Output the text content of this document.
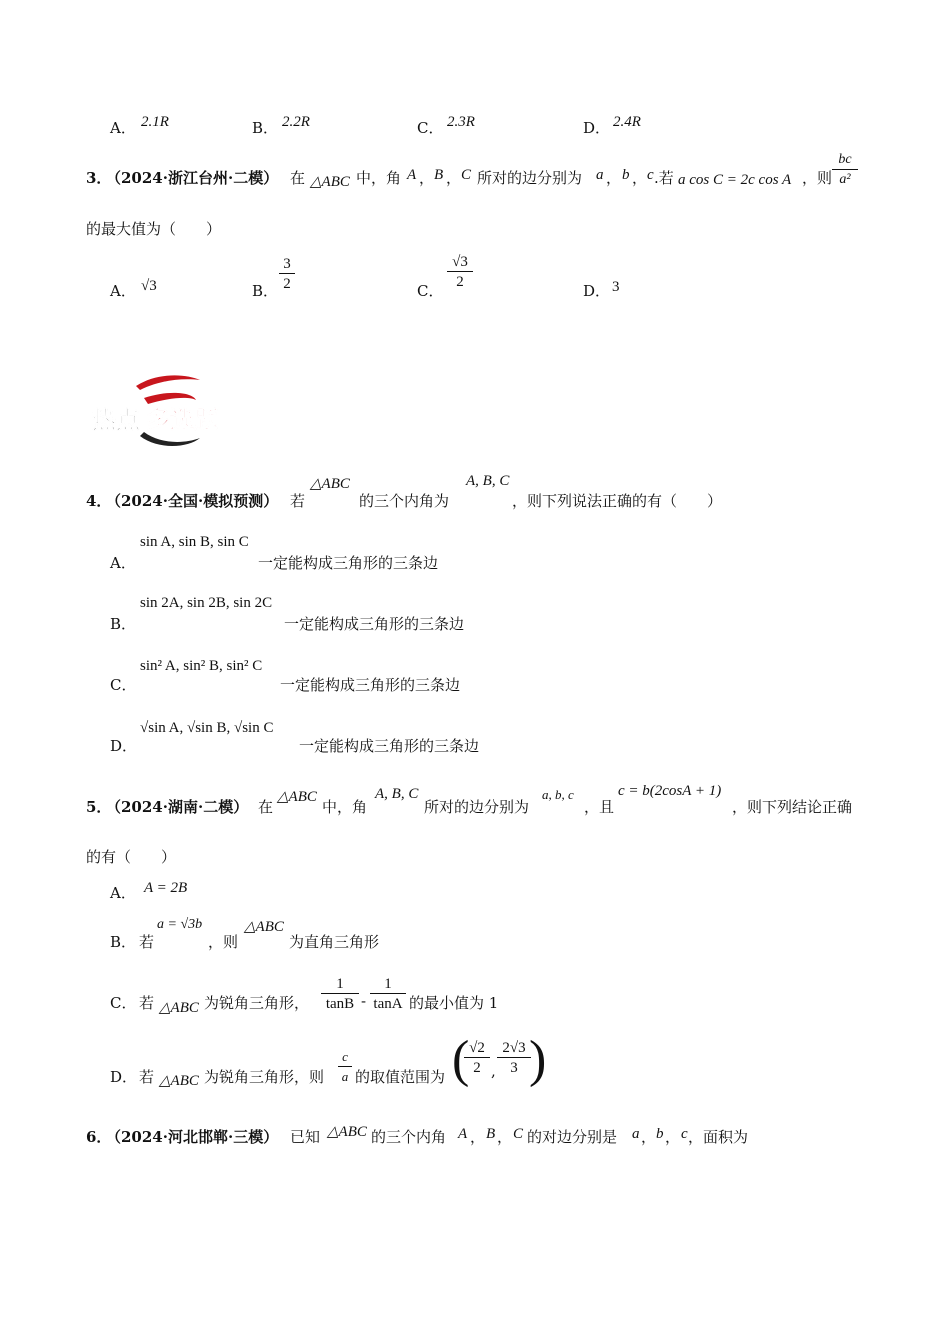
A． 2.1R	B． 2.2R	C． 2.3R	D． 2.4R
3．
（2024·浙江台州·二模） 在 △ABC 中，角 A ， B ， C 所对的边分别为 a ， b ， c .若 a cos C = 2c cos A ，则 $\frac{bc}{\text{a²}}$
的最大值为（　　）
A． √3	B． $\frac{3}{2}$	C． $\frac{√3}{2}$	D． 3
热点 多选题
4．
（2024·全国·模拟预测） 若
△ABC
的三个内角为
A, B, C
，则下列说法正确的有（　　）
A．
sin A, sin B, sin C
一定能构成三角形的三条边
B．
sin 2A, sin 2B, sin 2C
一定能构成三角形的三条边
C．
sin² A, sin² B, sin² C
一定能构成三角形的三条边
D．
√sin A, √sin B, √sin C
一定能构成三角形的三条边
5．
（2024·湖南·二模） 在
△ABC
中，角
A, B, C
所对的边分别为
a, b, c
，且
c = b(2cosA + 1)
，则下列结论正确
的有（　　）
A． A = 2B
B． 若
a = √3b
，则
△ABC
为直角三角形
C． 若 △ABC 为锐角三角形， $\frac{1}{\tan B} - \frac{1}{\tan A}$ 的最小值为 1
D． 若 △ABC 为锐角三角形，则 $\frac{c}{a}$ 的取值范围为 (
$\frac{√2}{2}$ , $\frac{2√3}{3}$
)
6．
（2024·河北邯郸·三模） 已知 △ABC 的三个内角 A ， B ， C 的对边分别是 a ， b ， c ，面积为
